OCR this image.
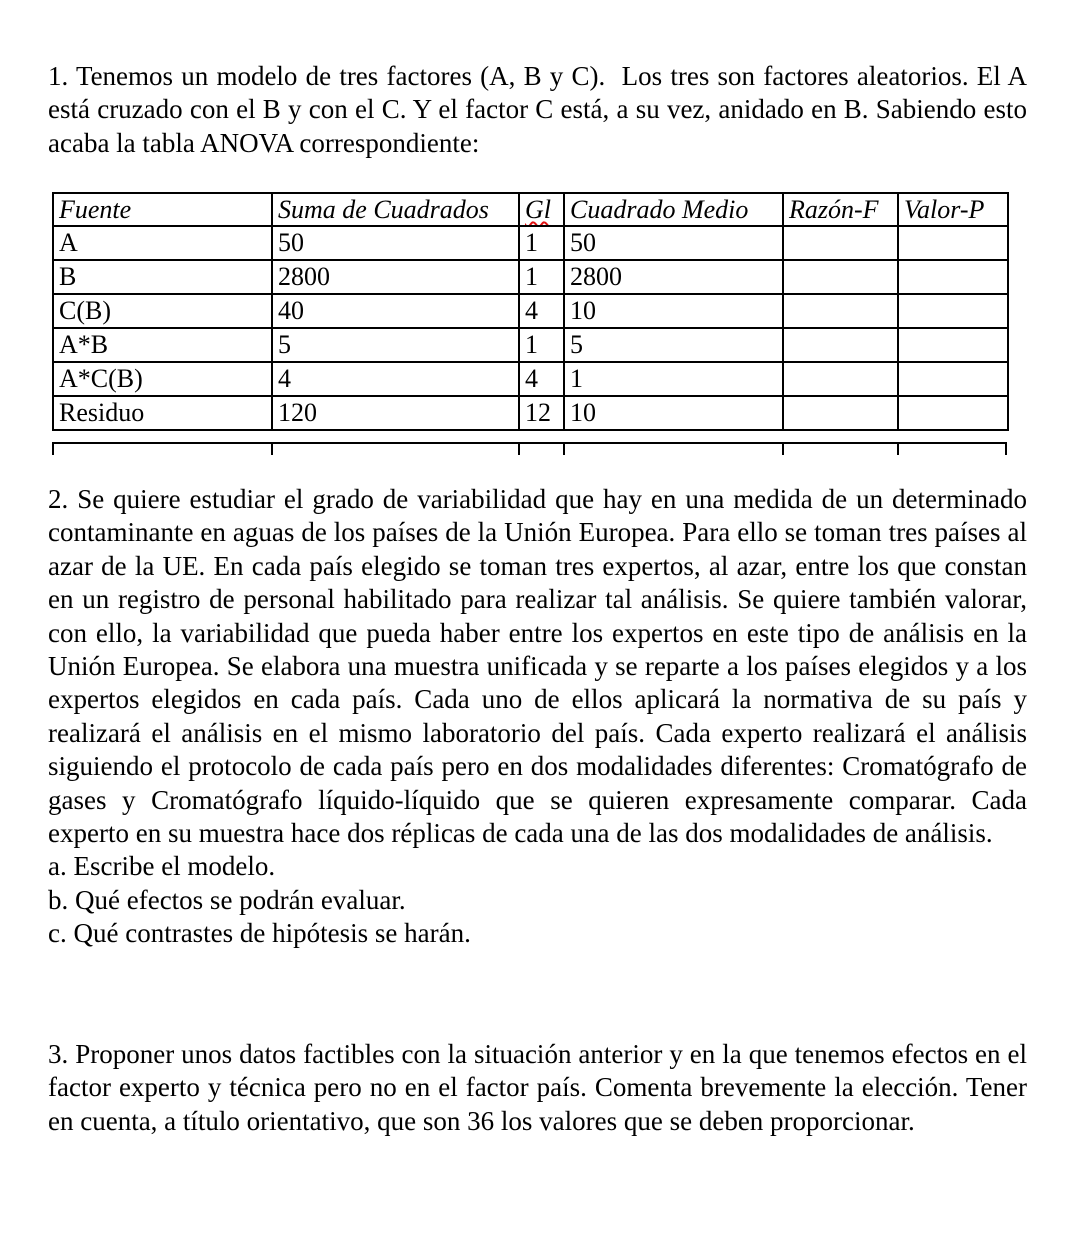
1. Tenemos un modelo de tres factores (A, B y C).  Los tres son factores aleatorios. El A está cruzado con el B y con el C. Y el factor C está, a su vez, anidado en B. Sabiendo esto acaba la tabla ANOVA correspondiente:

Fuente	Suma de Cuadrados	Gl	Cuadrado Medio	Razón-F	Valor-P
A	50	1	50		
B	2800	1	2800		
C(B)	40	4	10		
A*B	5	1	5		
A*C(B)	4	4	1		
Residuo	120	12	10		

2. Se quiere estudiar el grado de variabilidad que hay en una medida de un determinado contaminante en aguas de los países de la Unión Europea. Para ello se toman tres países al azar de la UE. En cada país elegido se toman tres expertos, al azar, entre los que constan en un registro de personal habilitado para realizar tal análisis. Se quiere también valorar, con ello, la variabilidad que pueda haber entre los expertos en este tipo de análisis en la Unión Europea. Se elabora una muestra unificada y se reparte a los países elegidos y a los expertos elegidos en cada país. Cada uno de ellos aplicará la normativa de su país y realizará el análisis en el mismo laboratorio del país. Cada experto realizará el análisis siguiendo el protocolo de cada país pero en dos modalidades diferentes: Cromatógrafo de gases y Cromatógrafo líquido-líquido que se quieren expresamente comparar. Cada experto en su muestra hace dos réplicas de cada una de las dos modalidades de análisis.

a. Escribe el modelo.

b. Qué efectos se podrán evaluar.

c. Qué contrastes de hipótesis se harán.

3. Proponer unos datos factibles con la situación anterior y en la que tenemos efectos en el factor experto y técnica pero no en el factor país. Comenta brevemente la elección. Tener en cuenta, a título orientativo, que son 36 los valores que se deben proporcionar.
